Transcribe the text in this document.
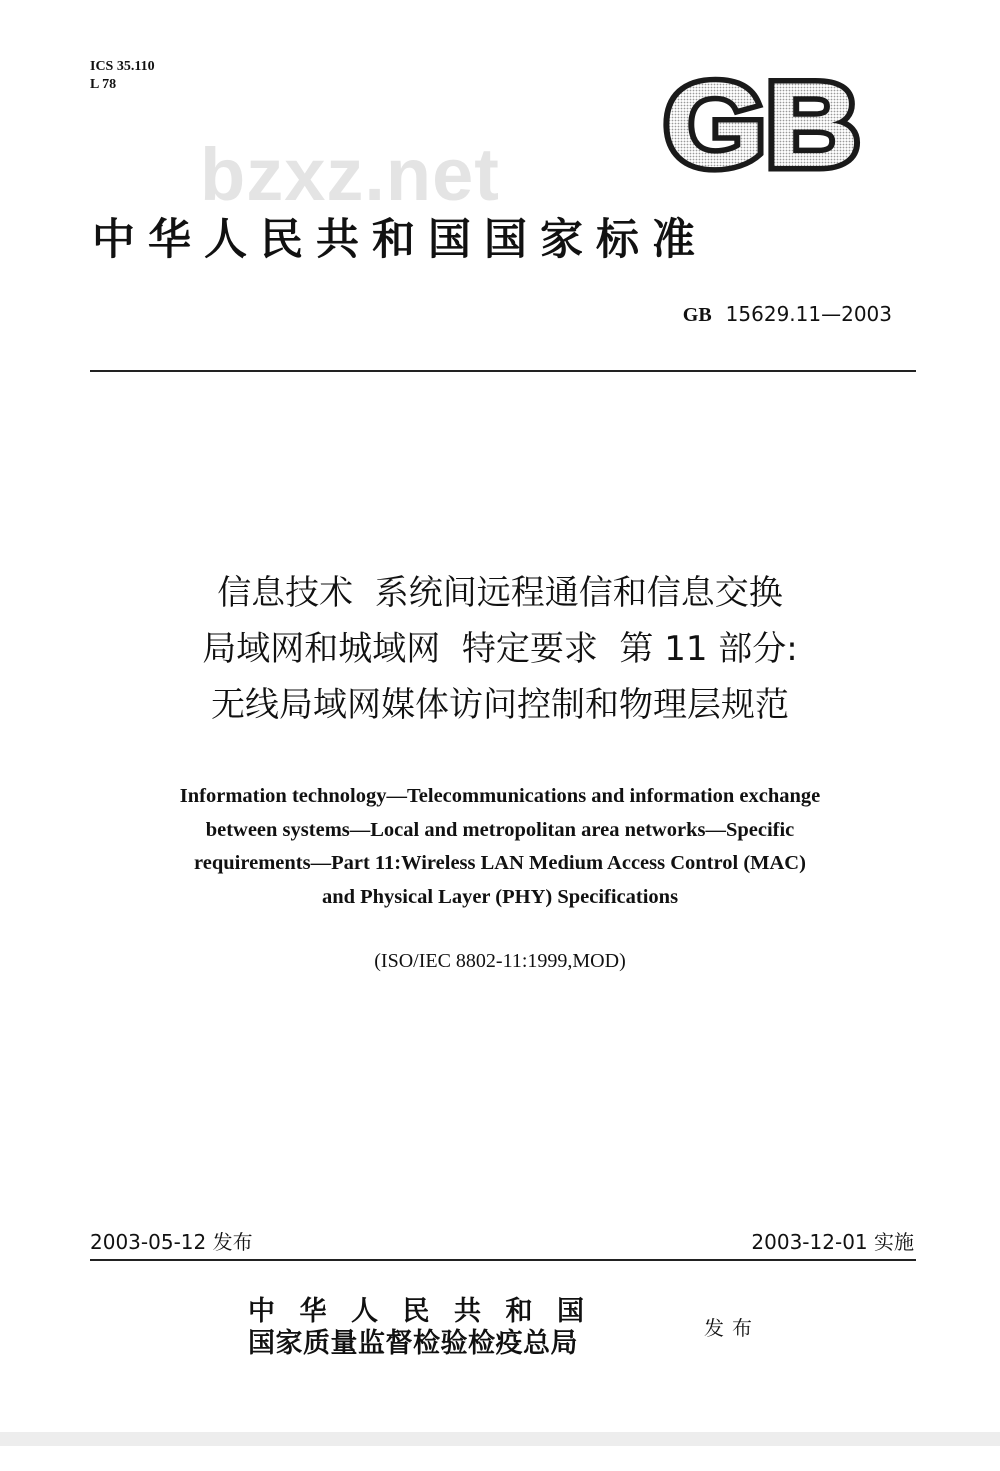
ICS 35.110
L 78	GB
bzxz.net
中华人民共和国国家标准
GB 15629.11—2003
信息技术  系统间远程通信和信息交换
局域网和城域网  特定要求  第 11 部分:
无线局域网媒体访问控制和物理层规范
Information technology—Telecommunications and information exchange
between systems—Local and metropolitan area networks—Specific
requirements—Part 11:Wireless LAN Medium Access Control (MAC)
and Physical Layer (PHY) Specifications
(ISO/IEC 8802-11:1999,MOD)
2003-05-12 发布	2003-12-01 实施
中华人民共和国
国家质量监督检验检疫总局	发布
